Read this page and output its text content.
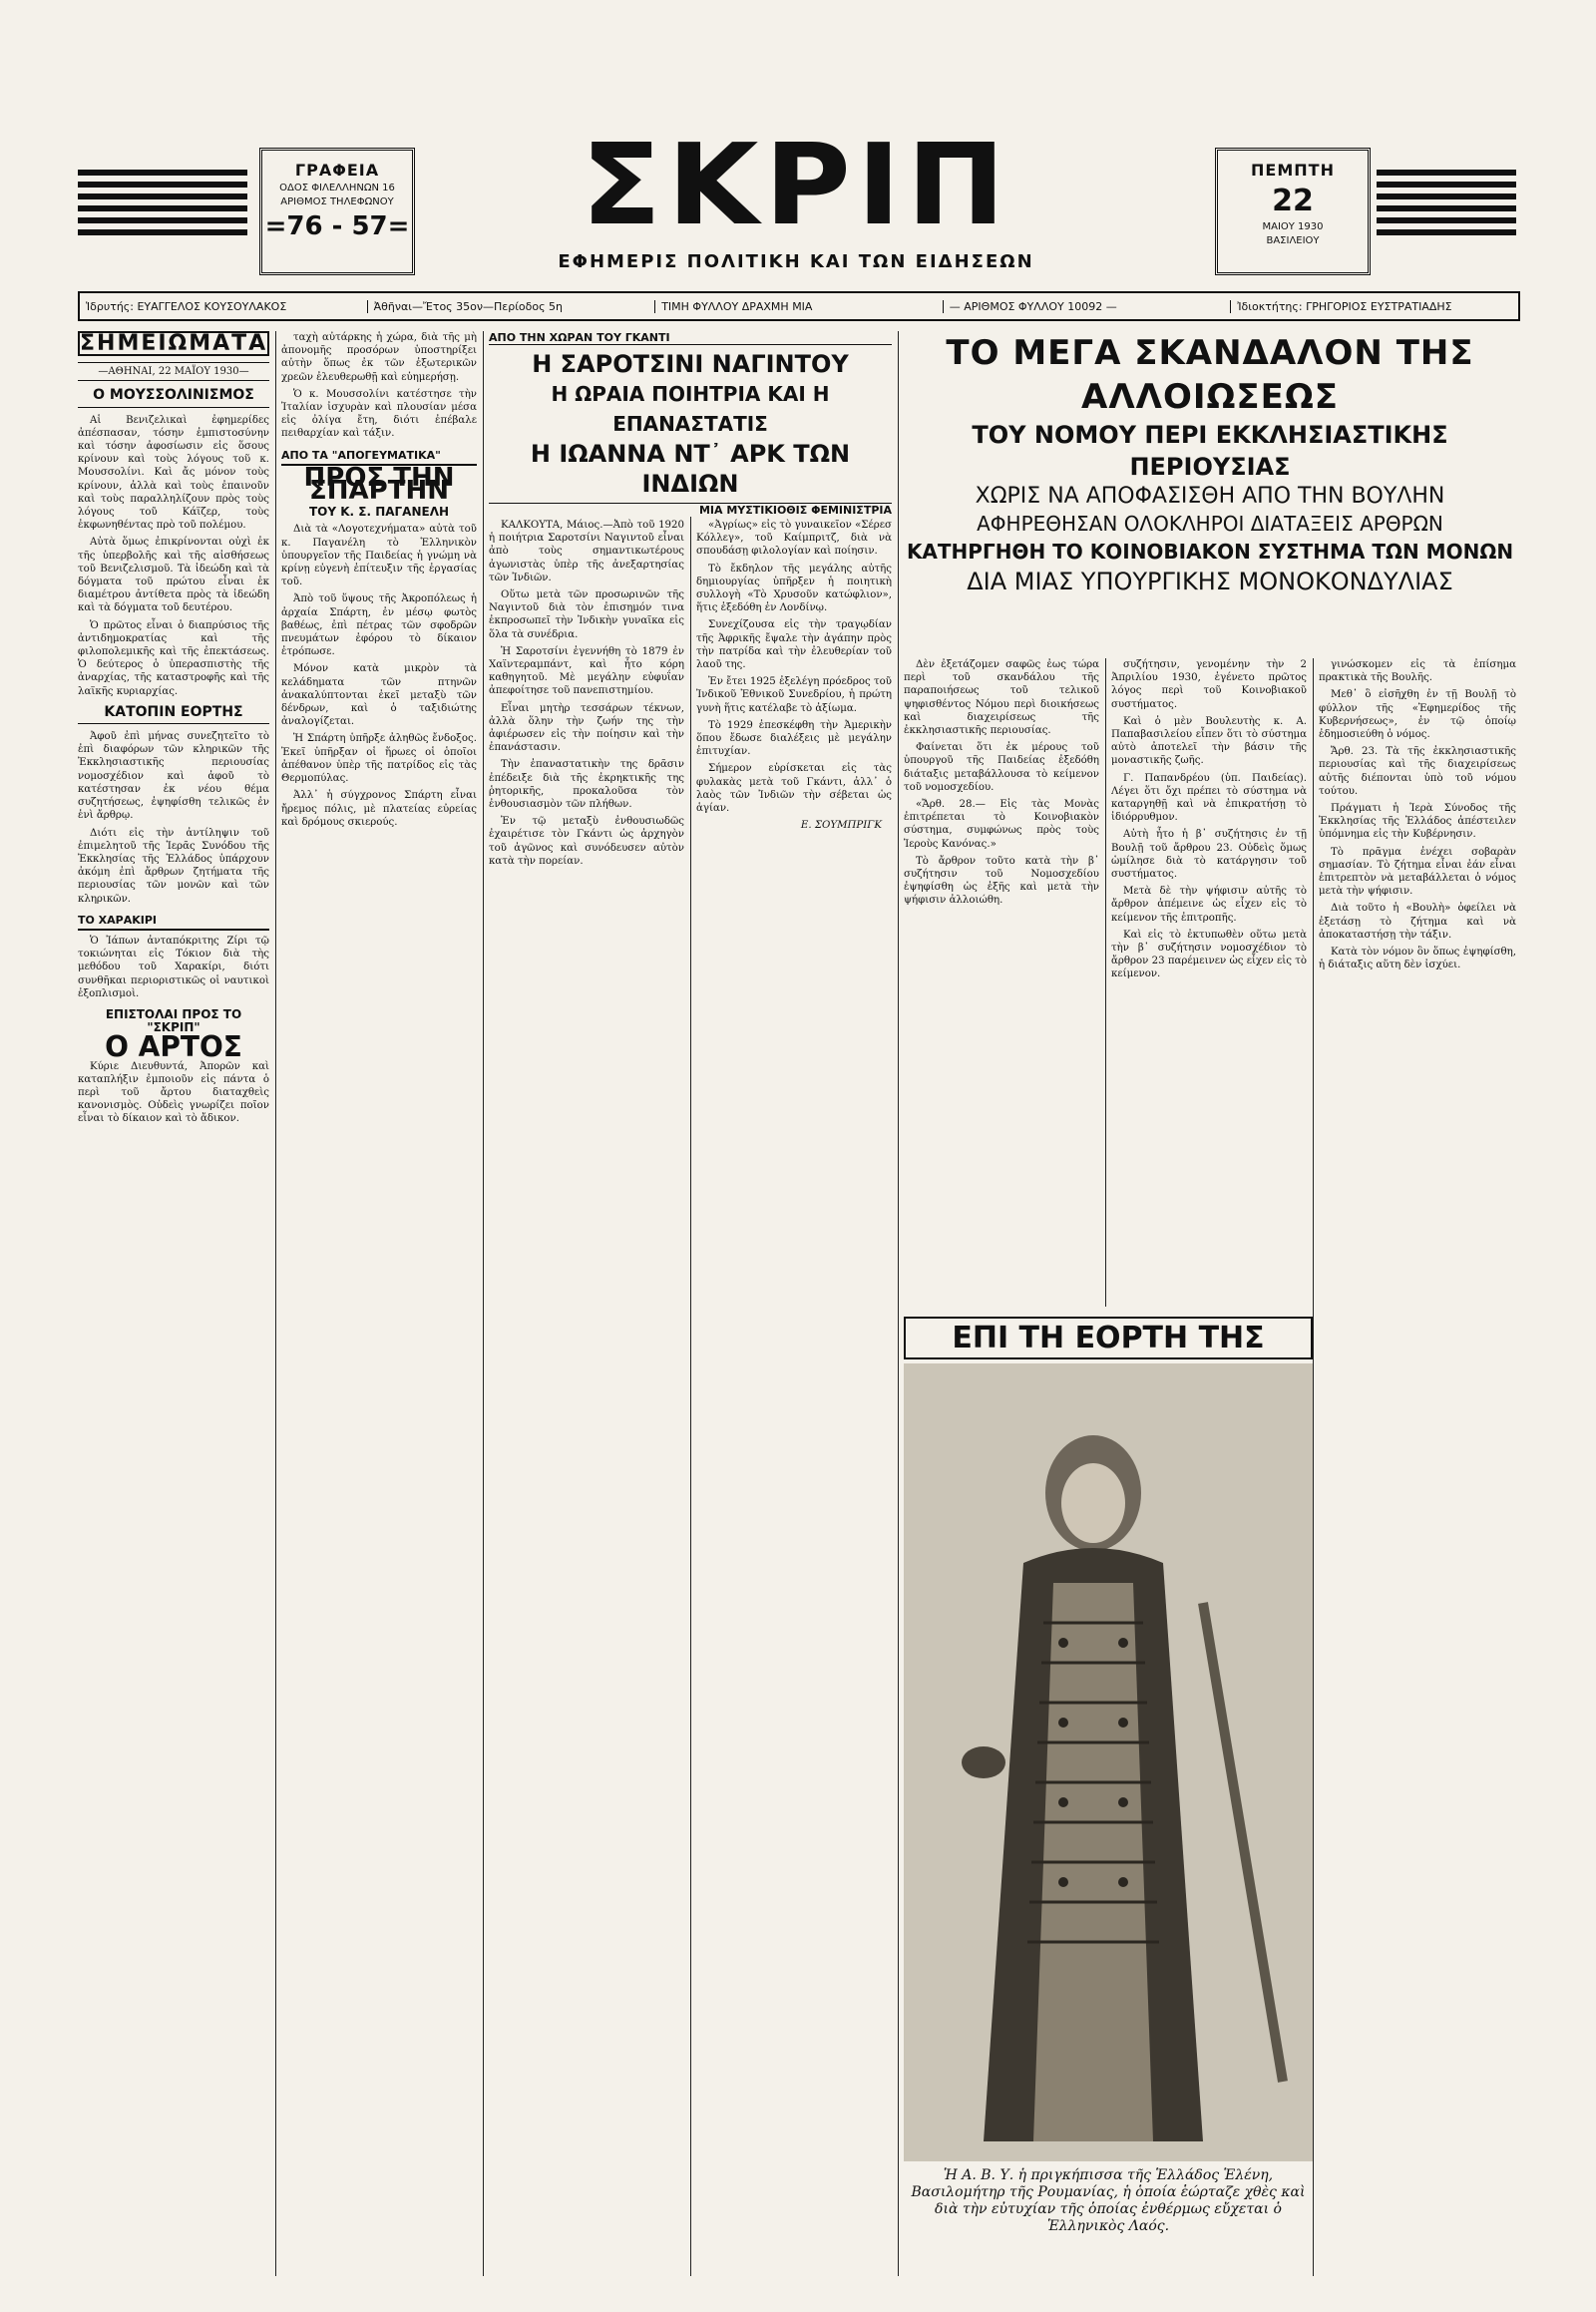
ΓΡΑΦΕΙΑ
ΟΔΟΣ ΦΙΛΕΛΛΗΝΩΝ 16
ΑΡΙΘΜΟΣ ΤΗΛΕΦΩΝΟΥ
=76 - 57= ΣΚΡΙΠ
ΕΦΗΜΕΡΙΣ ΠΟΛΙΤΙΚΗ ΚΑΙ ΤΩΝ ΕΙΔΗΣΕΩΝ
ΠΕΜΠΤΗ
22
ΜΑΙΟΥ 1930
ΒΑΣΙΛΕΙΟΥ
Ἱδρυτής: ΕΥΑΓΓΕΛΟΣ ΚΟΥΣΟΥΛΑΚΟΣ	Ἀθῆναι—Ἔτος 35ον—Περίοδος 5η	ΤΙΜΗ ΦΥΛΛΟΥ ΔΡΑΧΜΗ ΜΙΑ	— ΑΡΙΘΜΟΣ ΦΥΛΛΟΥ 10092 —	Ἰδιοκτήτης: ΓΡΗΓΟΡΙΟΣ ΕΥΣΤΡΑΤΙΑΔΗΣ
ΣΗΜΕΙΩΜΑΤΑ
—ΑΘΗΝΑΙ, 22 ΜΑΪΟΥ 1930—
Ο ΜΟΥΣΣΟΛΙΝΙΣΜΟΣ

Αἱ Βενιζελικαὶ ἐφημερίδες ἀπέσπασαν, τόσην ἐμπιστοσύνην καὶ τόσην ἀφοσίωσιν εἰς ὅσους κρίνουν καὶ τοὺς λόγους τοῦ κ. Μουσσολίνι. Καὶ ἄς μόνον τοὺς κρίνουν, ἀλλὰ καὶ τοὺς ἐπαινοῦν καὶ τοὺς παραλληλίζουν πρὸς τοὺς λόγους τοῦ Κάϊζερ, τοὺς ἐκφωνηθέντας πρὸ τοῦ πολέμου.

Αὐτὰ ὅμως ἐπικρίνονται οὐχὶ ἐκ τῆς ὑπερβολῆς καὶ τῆς αἰσθήσεως τοῦ Βενιζελισμοῦ. Τὰ ἰδεώδη καὶ τὰ δόγματα τοῦ πρώτου εἶναι ἐκ διαμέτρου ἀντίθετα πρὸς τὰ ἰδεώδη καὶ τὰ δόγματα τοῦ δευτέρου.

Ὁ πρῶτος εἶναι ὁ διαπρύσιος τῆς ἀντιδημοκρατίας καὶ τῆς φιλοπολεμικῆς καὶ τῆς ἐπεκτάσεως. Ὁ δεύτερος ὁ ὑπερασπιστὴς τῆς ἀναρχίας, τῆς καταστροφῆς καὶ τῆς λαϊκῆς κυριαρχίας.

ΚΑΤΟΠΙΝ ΕΟΡΤΗΣ

Ἀφοῦ ἐπὶ μήνας συνεζητεῖτο τὸ ἐπὶ διαφόρων τῶν κληρικῶν τῆς Ἐκκλησιαστικῆς περιουσίας νομοσχέδιον καὶ ἀφοῦ τὸ κατέστησαν ἐκ νέου θέμα συζητήσεως, ἐψηφίσθη τελικῶς ἐν ἑνὶ ἄρθρῳ.

Διότι εἰς τὴν ἀντίληψιν τοῦ ἐπιμελητοῦ τῆς Ἱερᾶς Συνόδου τῆς Ἐκκλησίας τῆς Ἑλλάδος ὑπάρχουν ἀκόμη ἐπὶ ἄρθρων ζητήματα τῆς περιουσίας τῶν μονῶν καὶ τῶν κληρικῶν.

ΤΟ ΧΑΡΑΚΙΡΙ

Ὁ Ἰάπων ἀνταπόκριτης Ζίρι τῷ τοκιώνηται εἰς Τόκιον διὰ τὴς μεθόδου τοῦ Χαρακίρι, διότι συνθῆκαι περιοριστικῶς οἱ ναυτικοὶ ἐξοπλισμοὶ.

ΕΠΙΣΤΟΛΑΙ ΠΡΟΣ ΤΟ "ΣΚΡΙΠ"
Ο ΑΡΤΟΣ

Κύριε Διευθυντά, Ἀπορῶν καὶ καταπλήξιν ἐμποιοῦν εἰς πάντα ὁ περὶ τοῦ ἄρτου διαταχθεὶς κανονισμὸς. Οὐδεὶς γνωρίζει ποῖον εἶναι τὸ δίκαιον καὶ τὸ ἄδικον.

ταχὴ αὐτάρκης ἡ χώρα, διὰ τῆς μὴ ἀπονομῆς προσόρων ὑποστηρίξει αὐτὴν ὅπως ἐκ τῶν ἐξωτερικῶν χρεῶν ἐλευθερωθῇ καὶ εὐημερήσῃ.

Ὁ κ. Μουσσολίνι κατέστησε τὴν Ἰταλίαν ἰσχυρὰν καὶ πλουσίαν μέσα εἰς ὀλίγα ἔτη, διότι ἐπέβαλε πειθαρχίαν καὶ τάξιν.

ΑΠΟ ΤΑ "ΑΠΟΓΕΥΜΑΤΙΚΑ"
ΠΡΟΣ ΤΗΝ ΣΠΑΡΤΗΝ
ΤΟΥ Κ. Σ. ΠΑΓΑΝΕΛΗ

Διὰ τὰ «Λογοτεχνήματα» αὐτὰ τοῦ κ. Παγανέλη τὸ Ἑλληνικὸν ὑπουργεῖον τῆς Παιδείας ἡ γνώμη νὰ κρίνῃ εὐγενὴ ἐπίτευξιν τῆς ἐργασίας τοῦ.

Ἀπὸ τοῦ ὕψους τῆς Ἀκροπόλεως ἡ ἀρχαία Σπάρτη, ἐν μέσῳ φωτὸς βαθέως, ἐπὶ πέτρας τῶν σφοδρῶν πνευμάτων ἐφόρου τὸ δίκαιον ἐτρόπωσε.

Μόνον κατὰ μικρὸν τὰ κελάδηματα τῶν πτηνῶν ἀνακαλύπτονται ἐκεῖ μεταξὺ τῶν δένδρων, καὶ ὁ ταξιδιώτης ἀναλογίζεται.

Ἡ Σπάρτη ὑπῆρξε ἀληθῶς ἔνδοξος. Ἐκεῖ ὑπῆρξαν οἱ ἥρωες οἱ ὁποῖοι ἀπέθανον ὑπὲρ τῆς πατρίδος εἰς τὰς Θερμοπύλας.

Ἀλλ᾽ ἡ σύγχρονος Σπάρτη εἶναι ἤρεμος πόλις, μὲ πλατείας εὐρείας καὶ δρόμους σκιερούς.

ΚΑΛΚΟΥΤΑ, Μάιος.—Ἀπὸ τοῦ 1920 ἡ ποιήτρια Σαροτσίνι Ναγιντοῦ εἶναι ἀπὸ τοὺς σημαντικωτέρους ἀγωνιστὰς ὑπὲρ τῆς ἀνεξαρτησίας τῶν Ἰνδιῶν.

Οὕτω μετὰ τῶν προσωρινῶν τῆς Ναγιντοῦ διὰ τὸν ἐπισημόν τινα ἐκπροσωπεῖ τὴν Ἰνδικὴν γυναῖκα εἰς ὅλα τὰ συνέδρια.

Ἡ Σαροτσίνι ἐγεννήθη τὸ 1879 ἐν Χαϊντεραμπάντ, καὶ ἦτο κόρη καθηγητοῦ. Μὲ μεγάλην εὐφυΐαν ἀπεφοίτησε τοῦ πανεπιστημίου.

Εἶναι μητὴρ τεσσάρων τέκνων, ἀλλὰ ὅλην τὴν ζωήν της τὴν ἀφιέρωσεν εἰς τὴν ποίησιν καὶ τὴν ἐπανάστασιν.

Τὴν ἐπαναστατικὴν της δρᾶσιν ἐπέδειξε διὰ τῆς ἐκρηκτικῆς της ῥητορικῆς, προκαλοῦσα τὸν ἐνθουσιασμὸν τῶν πλήθων.

Ἐν τῷ μεταξὺ ἐνθουσιωδῶς ἐχαιρέτισε τὸν Γκάντι ὡς ἀρχηγὸν τοῦ ἀγῶνος καὶ συνόδευσεν αὐτὸν κατὰ τὴν πορείαν.

«Ἀγρίως» εἰς τὸ γυναικεῖον «Σέρεσ Κόλλεγ», τοῦ Καίμπριτζ, διὰ νὰ σπουδάσῃ φιλολογίαν καὶ ποίησιν.

Τὸ ἔκδηλον τῆς μεγάλης αὐτῆς δημιουργίας ὑπῆρξεν ἡ ποιητικὴ συλλογὴ «Τὸ Χρυσοῦν κατώφλιον», ἥτις ἐξεδόθη ἐν Λονδίνῳ.

Συνεχίζουσα εἰς τὴν τραγῳδίαν τῆς Ἀφρικῆς ἔψαλε τὴν ἀγάπην πρὸς τὴν πατρίδα καὶ τὴν ἐλευθερίαν τοῦ λαοῦ της.

Ἐν ἔτει 1925 ἐξελέγη πρόεδρος τοῦ Ἰνδικοῦ Ἐθνικοῦ Συνεδρίου, ἡ πρώτη γυνὴ ἥτις κατέλαβε τὸ ἀξίωμα.

Τὸ 1929 ἐπεσκέφθη τὴν Ἀμερικὴν ὅπου ἔδωσε διαλέξεις μὲ μεγάλην ἐπιτυχίαν.

Σήμερον εὑρίσκεται εἰς τὰς φυλακὰς μετὰ τοῦ Γκάντι, ἀλλ᾽ ὁ λαὸς τῶν Ἰνδιῶν τὴν σέβεται ὡς ἁγίαν.

Ε. ΣΟΥΜΠΡΙΓΚ
ΑΠΟ ΤΗΝ ΧΩΡΑΝ ΤΟΥ ΓΚΑΝΤΙ
Η ΣΑΡΟΤΣΙΝΙ ΝΑΓΙΝΤΟΥ
Η ΩΡΑΙΑ ΠΟΙΗΤΡΙΑ ΚΑΙ Η ΕΠΑΝΑΣΤΑΤΙΣ
Η ΙΩΑΝΝΑ ΝΤ᾽ ΑΡΚ ΤΩΝ ΙΝΔΙΩΝ
ΜΙΑ ΜΥΣΤΙΚΙΟΘΙΣ ΦΕΜΙΝΙΣΤΡΙΑ
ΤΟ ΜΕΓΑ ΣΚΑΝΔΑΛΟΝ ΤΗΣ ΑΛΛΟΙΩΣΕΩΣ
ΤΟΥ ΝΟΜΟΥ ΠΕΡΙ ΕΚΚΛΗΣΙΑΣΤΙΚΗΣ ΠΕΡΙΟΥΣΙΑΣ
ΧΩΡΙΣ ΝΑ ΑΠΟΦΑΣΙΣΘΗ ΑΠΟ ΤΗΝ ΒΟΥΛΗΝ
ΑΦΗΡΕΘΗΣΑΝ ΟΛΟΚΛΗΡΟΙ ΔΙΑΤΑΞΕΙΣ ΑΡΘΡΩΝ
ΚΑΤΗΡΓΗΘΗ ΤΟ ΚΟΙΝΟΒΙΑΚΟΝ ΣΥΣΤΗΜΑ ΤΩΝ ΜΟΝΩΝ
ΔΙΑ ΜΙΑΣ ΥΠΟΥΡΓΙΚΗΣ ΜΟΝΟΚΟΝΔΥΛΙΑΣ

Δὲν ἐξετάζομεν σαφῶς ἐως τώρα περὶ τοῦ σκανδάλου τῆς παραποιήσεως τοῦ τελικοῦ ψηφισθέντος Νόμου περὶ διοικήσεως καὶ διαχειρίσεως τῆς ἐκκλησιαστικῆς περιουσίας.

Φαίνεται ὅτι ἐκ μέρους τοῦ ὑπουργοῦ τῆς Παιδείας ἐξεδόθη διάταξις μεταβάλλουσα τὸ κείμενον τοῦ νομοσχεδίου.

«Ἄρθ. 28.— Εἰς τὰς Μονὰς ἐπιτρέπεται τὸ Κοινοβιακὸν σύστημα, συμφώνως πρὸς τοὺς Ἱεροὺς Κανόνας.»

Τὸ ἄρθρον τοῦτο κατὰ τὴν β᾽ συζήτησιν τοῦ Νομοσχεδίου ἐψηφίσθη ὡς ἑξῆς καὶ μετὰ τὴν ψήφισιν ἀλλοιώθη.

συζήτησιν, γενομένην τὴν 2 Ἀπριλίου 1930, ἐγένετο πρῶτος λόγος περὶ τοῦ Κοινοβιακοῦ συστήματος.

Καὶ ὁ μὲν Βουλευτὴς κ. Α. Παπαβασιλείου εἶπεν ὅτι τὸ σύστημα αὐτὸ ἀποτελεῖ τὴν βάσιν τῆς μοναστικῆς ζωῆς.

Γ. Παπανδρέου (ὑπ. Παιδείας). Λέγει ὅτι ὄχι πρέπει τὸ σύστημα νὰ καταργηθῇ καὶ νὰ ἐπικρατήσῃ τὸ ἰδιόρρυθμον.

Αὐτὴ ἦτο ἡ β᾽ συζήτησις ἐν τῇ Βουλῇ τοῦ ἄρθρου 23. Οὐδεὶς ὅμως ὡμίλησε διὰ τὸ κατάργησιν τοῦ συστήματος.

Μετὰ δὲ τὴν ψήφισιν αὐτῆς τὸ ἄρθρον ἀπέμεινε ὡς εἶχεν εἰς τὸ κείμενον τῆς ἐπιτροπῆς.

Καὶ εἰς τὸ ἐκτυπωθὲν οὕτω μετὰ τὴν β᾽ συζήτησιν νομοσχέδιον τὸ ἄρθρον 23 παρέμεινεν ὡς εἶχεν εἰς τὸ κείμενον.

γινώσκομεν εἰς τὰ ἐπίσημα πρακτικὰ τῆς Βουλῆς.

Μεθ᾽ ὃ εἰσῆχθη ἐν τῇ Βουλῇ τὸ φύλλον τῆς «Ἐφημερίδος τῆς Κυβερνήσεως», ἐν τῷ ὁποίῳ ἐδημοσιεύθη ὁ νόμος.

Ἄρθ. 23. Τὰ τῆς ἐκκλησιαστικῆς περιουσίας καὶ τῆς διαχειρίσεως αὐτῆς διέπονται ὑπὸ τοῦ νόμου τούτου.

Πράγματι ἡ Ἱερὰ Σύνοδος τῆς Ἐκκλησίας τῆς Ἑλλάδος ἀπέστειλεν ὑπόμνημα εἰς τὴν Κυβέρνησιν.

Τὸ πρᾶγμα ἐνέχει σοβαρὰν σημασίαν. Τὸ ζήτημα εἶναι ἐάν εἶναι ἐπιτρεπτὸν νὰ μεταβάλλεται ὁ νόμος μετὰ τὴν ψήφισιν.

Διὰ τοῦτο ἡ «Βουλὴ» ὀφείλει νὰ ἐξετάσῃ τὸ ζήτημα καὶ νὰ ἀποκαταστήσῃ τὴν τάξιν.

Κατὰ τὸν νόμον ὃν ὅπως ἐψηφίσθη, ἡ διάταξις αὕτη δὲν ἰσχύει.

ΕΠΙ ΤΗ ΕΟΡΤΗ ΤΗΣ
Ἡ Α. Β. Υ. ἡ πριγκήπισσα τῆς Ἑλλάδος Ἑλένη, Βασιλομήτηρ τῆς Ρουμανίας, ἡ ὁποία ἑώρταζε χθὲς καὶ διὰ τὴν εὐτυχίαν τῆς ὁποίας ἐνθέρμως εὔχεται ὁ Ἑλληνικὸς Λαός.
